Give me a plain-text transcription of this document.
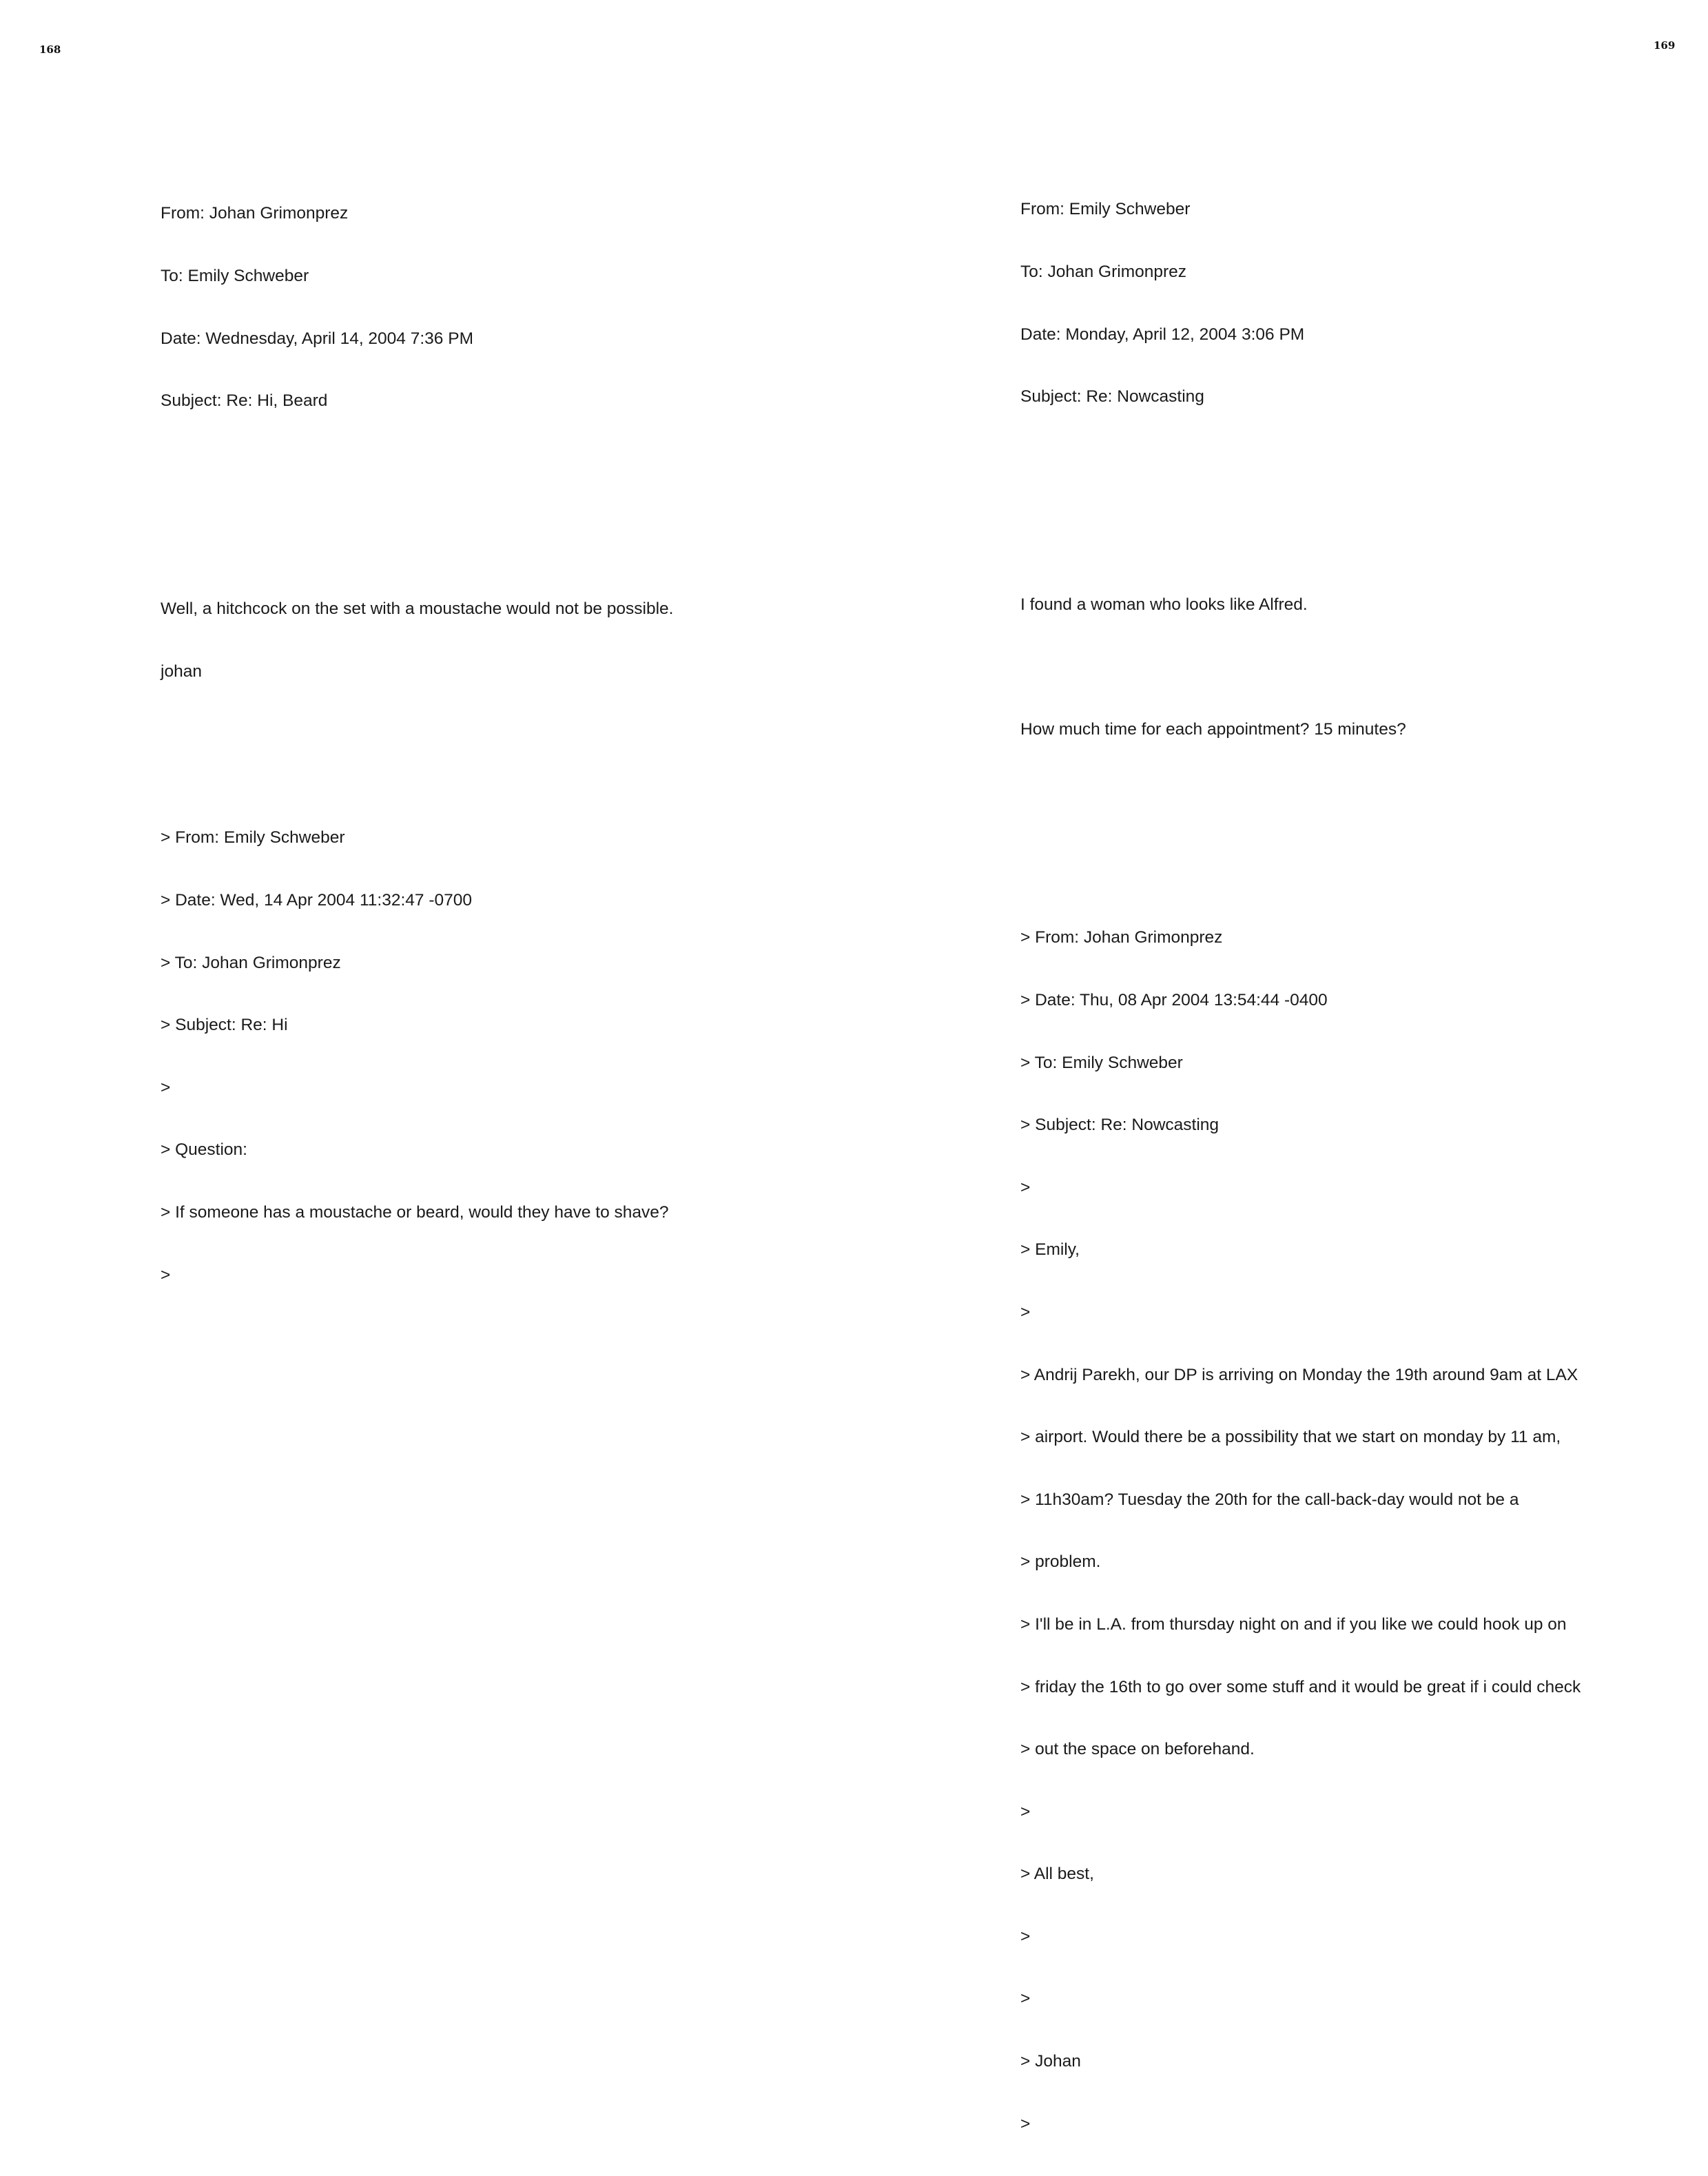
168

From: Johan Grimonprez

To: Emily Schweber

Date: Wednesday, April 14, 2004 7:36 PM

Subject: Re: Hi, Beard

Well, a hitchcock on the set with a moustache would not be possible.

johan

> From: Emily Schweber

> Date: Wed, 14 Apr 2004 11:32:47 -0700

> To: Johan Grimonprez

> Subject: Re: Hi

>

> Question:

> If someone has a moustache or beard, would they have to shave?

>

169

From: Emily Schweber

To: Johan Grimonprez

Date: Monday, April 12, 2004 3:06 PM

Subject: Re: Nowcasting

I found a woman who looks like Alfred.

How much time for each appointment? 15 minutes?

> From: Johan Grimonprez

> Date: Thu, 08 Apr 2004 13:54:44 -0400

> To: Emily Schweber

> Subject: Re: Nowcasting

>

> Emily,

>

> Andrij Parekh, our DP is arriving on Monday the 19th around 9am at LAX

> airport. Would there be a possibility that we start on monday by 11 am,

> 11h30am? Tuesday the 20th for the call-back-day would not be a

> problem.

> I'll be in L.A. from thursday night on and if you like we could hook up on

> friday the 16th to go over some stuff and it would be great if i could check

> out the space on beforehand.

>

> All best,

>

>

> Johan

>
